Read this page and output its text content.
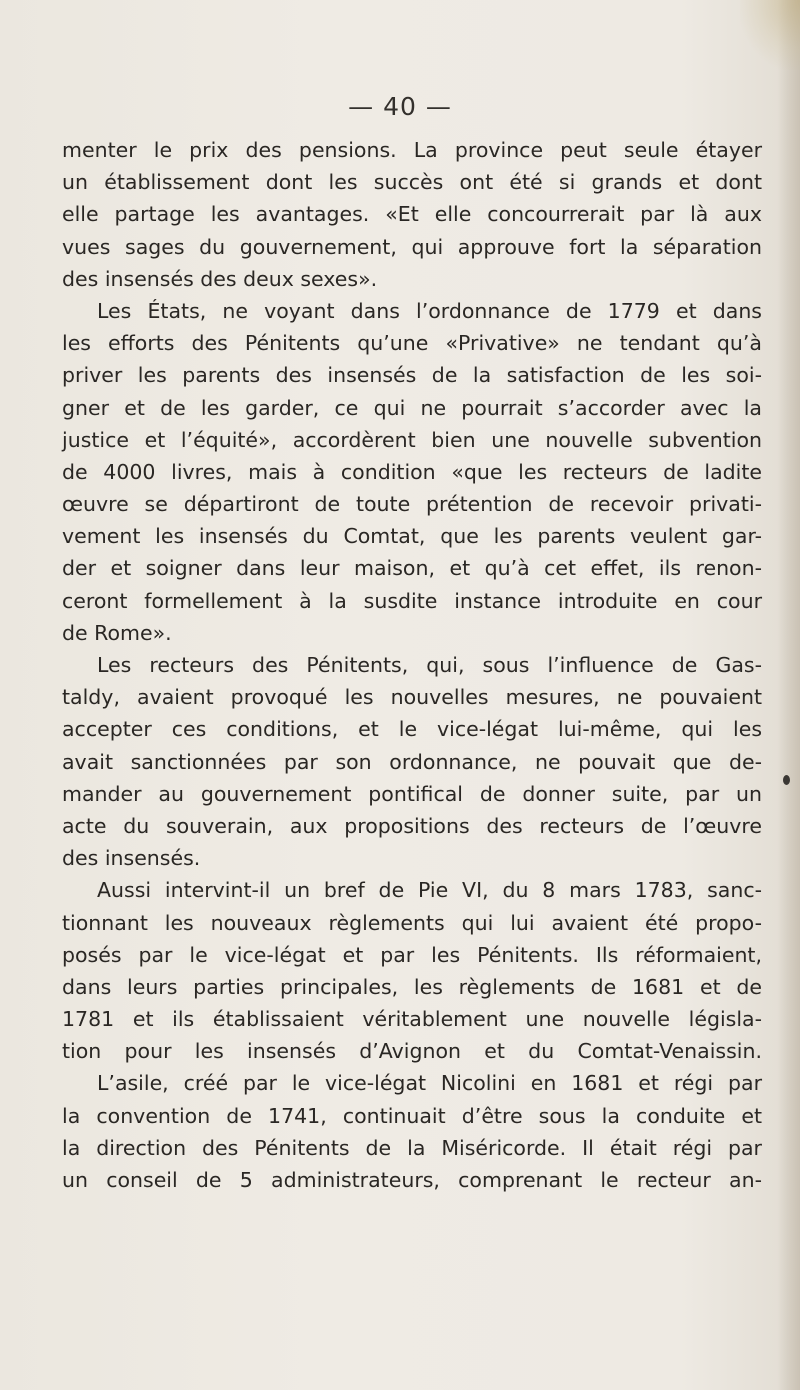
— 40 —
menter le prix des pensions. La province peut seule étayer
un établissement dont les succès ont été si grands et dont
elle partage les avantages. «Et elle concourrerait par là aux
vues sages du gouvernement, qui approuve fort la séparation
des insensés des deux sexes».
Les États, ne voyant dans l’ordonnance de 1779 et dans
les efforts des Pénitents qu’une «Privative» ne tendant qu’à
priver les parents des insensés de la satisfaction de les soi-
gner et de les garder, ce qui ne pourrait s’accorder avec la
justice et l’équité», accordèrent bien une nouvelle subvention
de 4000 livres, mais à condition «que les recteurs de ladite
œuvre se départiront de toute prétention de recevoir privati-
vement les insensés du Comtat, que les parents veulent gar-
der et soigner dans leur maison, et qu’à cet effet, ils renon-
ceront formellement à la susdite instance introduite en cour
de Rome».
Les recteurs des Pénitents, qui, sous l’influence de Gas-
taldy, avaient provoqué les nouvelles mesures, ne pouvaient
accepter ces conditions, et le vice-légat lui-même, qui les
avait sanctionnées par son ordonnance, ne pouvait que de-
mander au gouvernement pontifical de donner suite, par un
acte du souverain, aux propositions des recteurs de l’œuvre
des insensés.
Aussi intervint-il un bref de Pie VI, du 8 mars 1783, sanc-
tionnant les nouveaux règlements qui lui avaient été propo-
posés par le vice-légat et par les Pénitents. Ils réformaient,
dans leurs parties principales, les règlements de 1681 et de
1781 et ils établissaient véritablement une nouvelle législa-
tion pour les insensés d’Avignon et du Comtat-Venaissin.
L’asile, créé par le vice-légat Nicolini en 1681 et régi par
la convention de 1741, continuait d’être sous la conduite et
la direction des Pénitents de la Miséricorde. Il était régi par
un conseil de 5 administrateurs, comprenant le recteur an-
